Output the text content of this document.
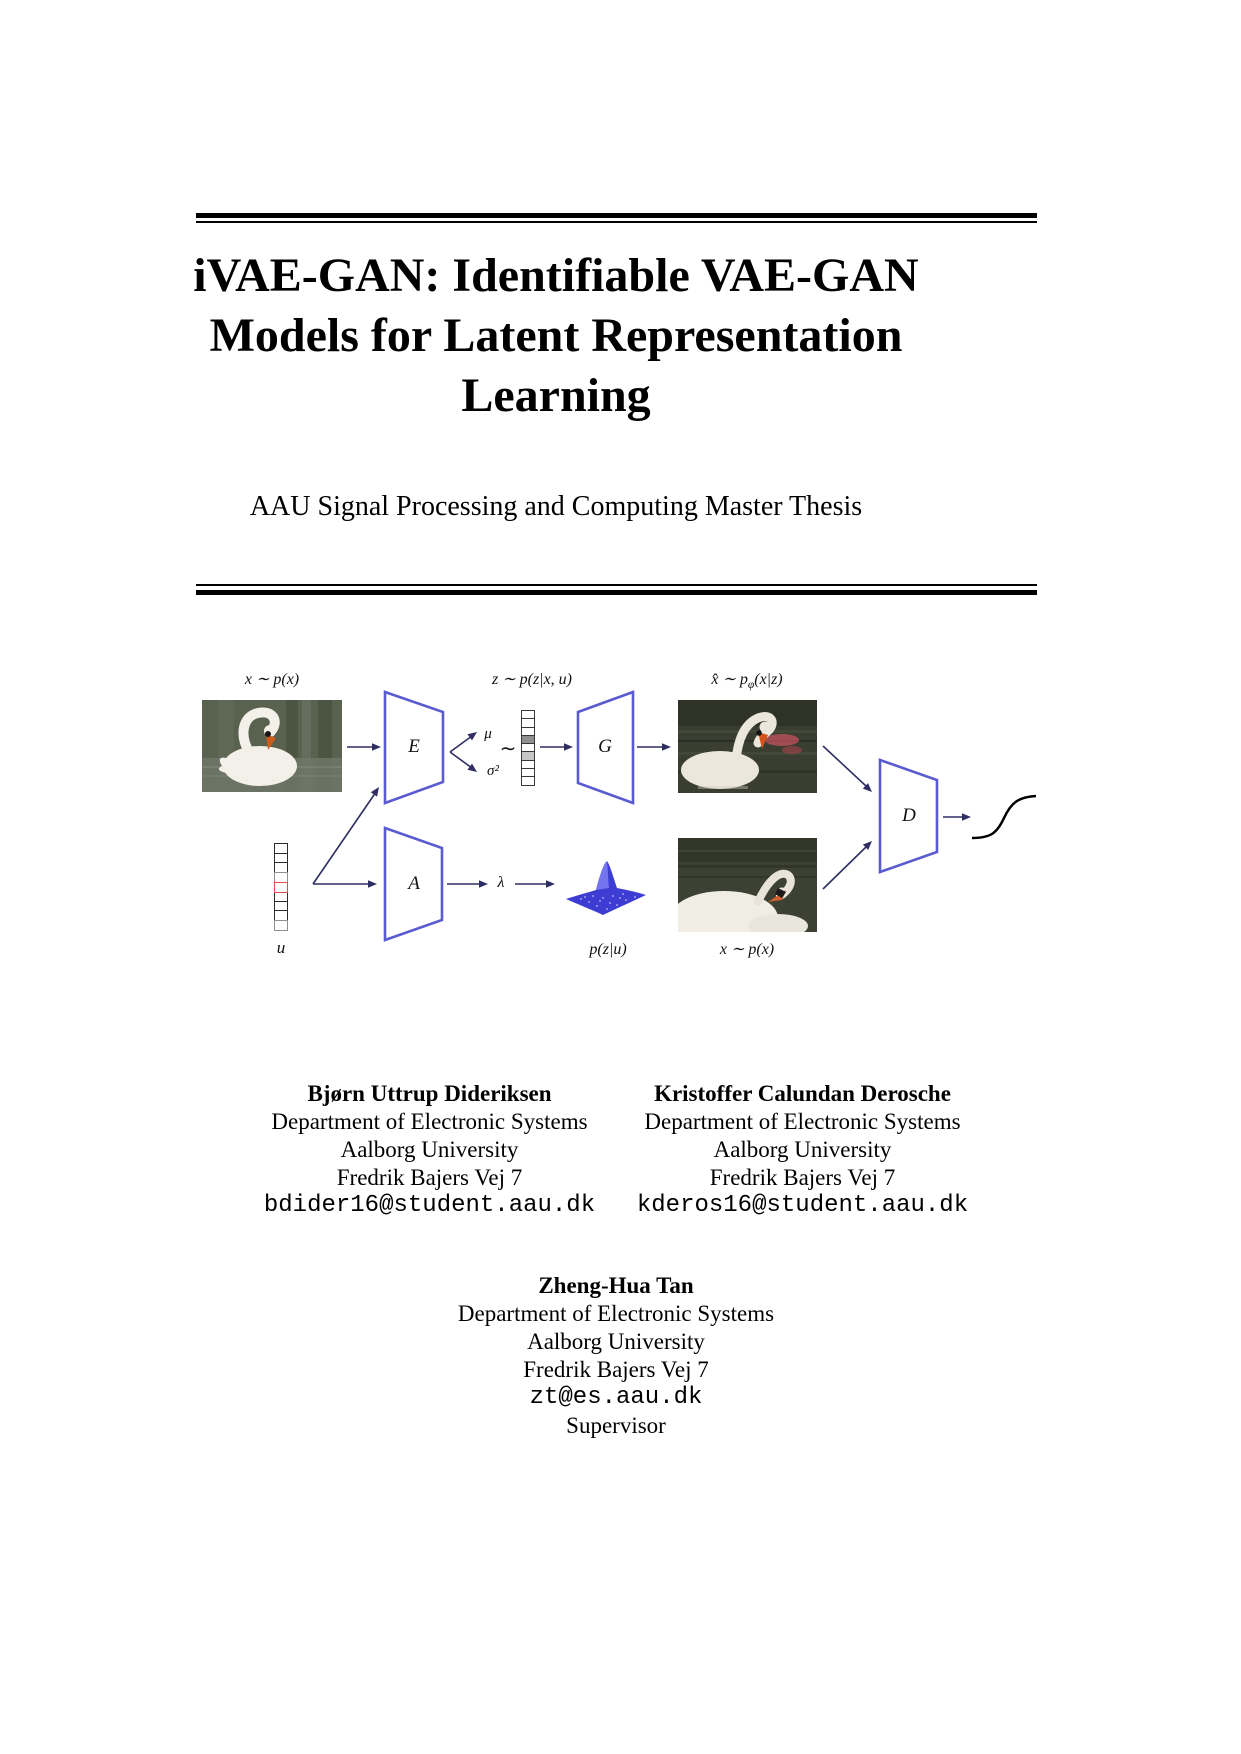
iVAE-GAN: Identifiable VAE-GAN
Models for Latent Representation
Learning
AAU Signal Processing and Computing Master Thesis
x ∼ p(x)	z ∼ p(z|x, u)	x̂ ∼ $p_\varphi(x|z)$
x ∼ p(x)
p(z|u)
u
μ
σ²
∼
λ
E	G
A
D
Bjørn Uttrup Dideriksen
Department of Electronic Systems
Aalborg University
Fredrik Bajers Vej 7
bdider16@student.aau.dk
Kristoffer Calundan Derosche
Department of Electronic Systems
Aalborg University
Fredrik Bajers Vej 7
kderos16@student.aau.dk
Zheng-Hua Tan
Department of Electronic Systems
Aalborg University
Fredrik Bajers Vej 7
zt@es.aau.dk
Supervisor
